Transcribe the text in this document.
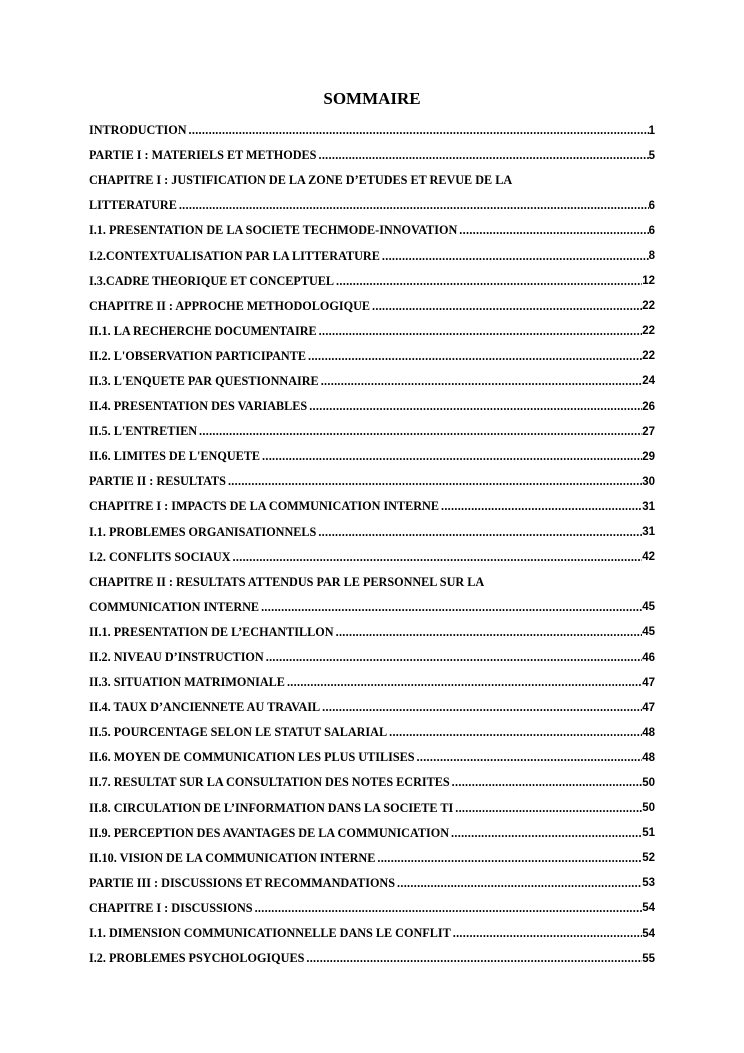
SOMMAIRE
INTRODUCTION .....	1
PARTIE I : MATERIELS ET METHODES .....	5
CHAPITRE I : JUSTIFICATION DE LA ZONE D’ETUDES ET REVUE DE LA
LITTERATURE .....	6
I.1. PRESENTATION DE LA SOCIETE TECHMODE-INNOVATION .....	6
I.2.CONTEXTUALISATION PAR LA LITTERATURE .....	8
I.3.CADRE THEORIQUE ET CONCEPTUEL .....	12
CHAPITRE II : APPROCHE METHODOLOGIQUE .....	22
II.1. LA RECHERCHE DOCUMENTAIRE .....	22
II.2. L'OBSERVATION PARTICIPANTE .....	22
II.3. L'ENQUETE PAR QUESTIONNAIRE .....	24
II.4. PRESENTATION DES VARIABLES .....	26
II.5. L'ENTRETIEN .....	27
II.6. LIMITES DE L'ENQUETE .....	29
PARTIE II : RESULTATS .....	30
CHAPITRE I : IMPACTS DE LA COMMUNICATION INTERNE .....	31
I.1. PROBLEMES ORGANISATIONNELS .....	31
I.2. CONFLITS SOCIAUX .....	42
CHAPITRE II : RESULTATS ATTENDUS PAR LE PERSONNEL SUR LA
COMMUNICATION INTERNE .....	45
II.1. PRESENTATION DE L’ECHANTILLON .....	45
II.2. NIVEAU D’INSTRUCTION .....	46
II.3. SITUATION MATRIMONIALE .....	47
II.4. TAUX D’ANCIENNETE AU TRAVAIL .....	47
II.5. POURCENTAGE SELON LE STATUT SALARIAL .....	48
II.6. MOYEN DE COMMUNICATION LES PLUS UTILISES .....	48
II.7. RESULTAT SUR LA CONSULTATION DES NOTES ECRITES .....	50
II.8. CIRCULATION DE L’INFORMATION DANS LA SOCIETE TI .....	50
II.9. PERCEPTION DES AVANTAGES DE LA COMMUNICATION .....	51
II.10. VISION DE LA COMMUNICATION INTERNE .....	52
PARTIE III : DISCUSSIONS ET RECOMMANDATIONS .....	53
CHAPITRE I : DISCUSSIONS .....	54
I.1. DIMENSION COMMUNICATIONNELLE DANS LE CONFLIT .....	54
I.2. PROBLEMES PSYCHOLOGIQUES .....	55
